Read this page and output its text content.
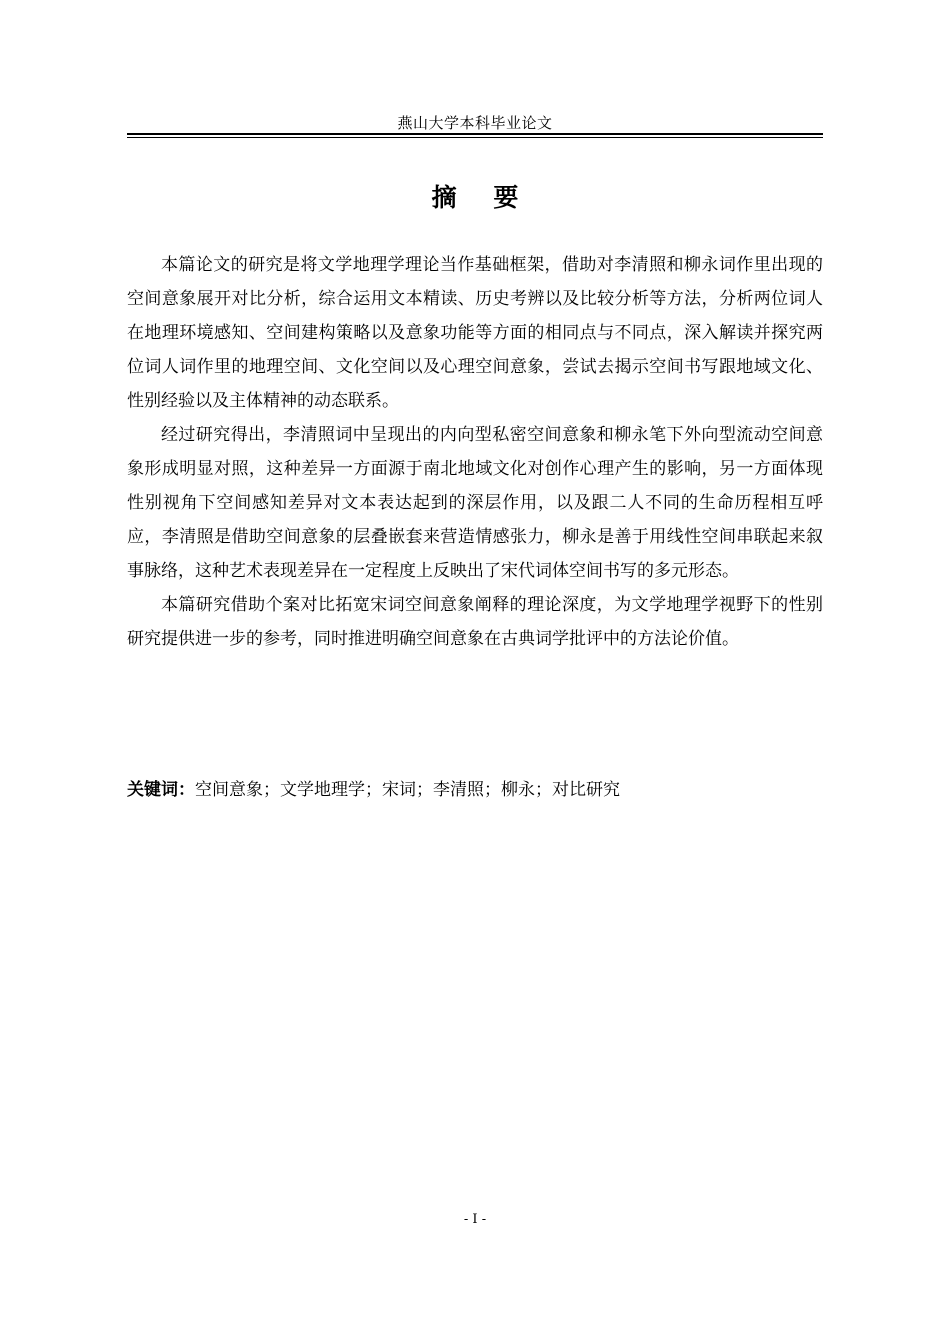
燕山大学本科毕业论文
摘 要

本篇论文的研究是将文学地理学理论当作基础框架，借助对李清照和柳永词作里出现的空间意象展开对比分析，综合运用文本精读、历史考辨以及比较分析等方法，分析两位词人在地理环境感知、空间建构策略以及意象功能等方面的相同点与不同点，深入解读并探究两位词人词作里的地理空间、文化空间以及心理空间意象，尝试去揭示空间书写跟地域文化、性别经验以及主体精神的动态联系。

经过研究得出，李清照词中呈现出的内向型私密空间意象和柳永笔下外向型流动空间意象形成明显对照，这种差异一方面源于南北地域文化对创作心理产生的影响，另一方面体现性别视角下空间感知差异对文本表达起到的深层作用，以及跟二人不同的生命历程相互呼应，李清照是借助空间意象的层叠嵌套来营造情感张力，柳永是善于用线性空间串联起来叙事脉络，这种艺术表现差异在一定程度上反映出了宋代词体空间书写的多元形态。

本篇研究借助个案对比拓宽宋词空间意象阐释的理论深度，为文学地理学视野下的性别研究提供进一步的参考，同时推进明确空间意象在古典词学批评中的方法论价值。

关键词：空间意象；文学地理学；宋词；李清照；柳永；对比研究
- I -
